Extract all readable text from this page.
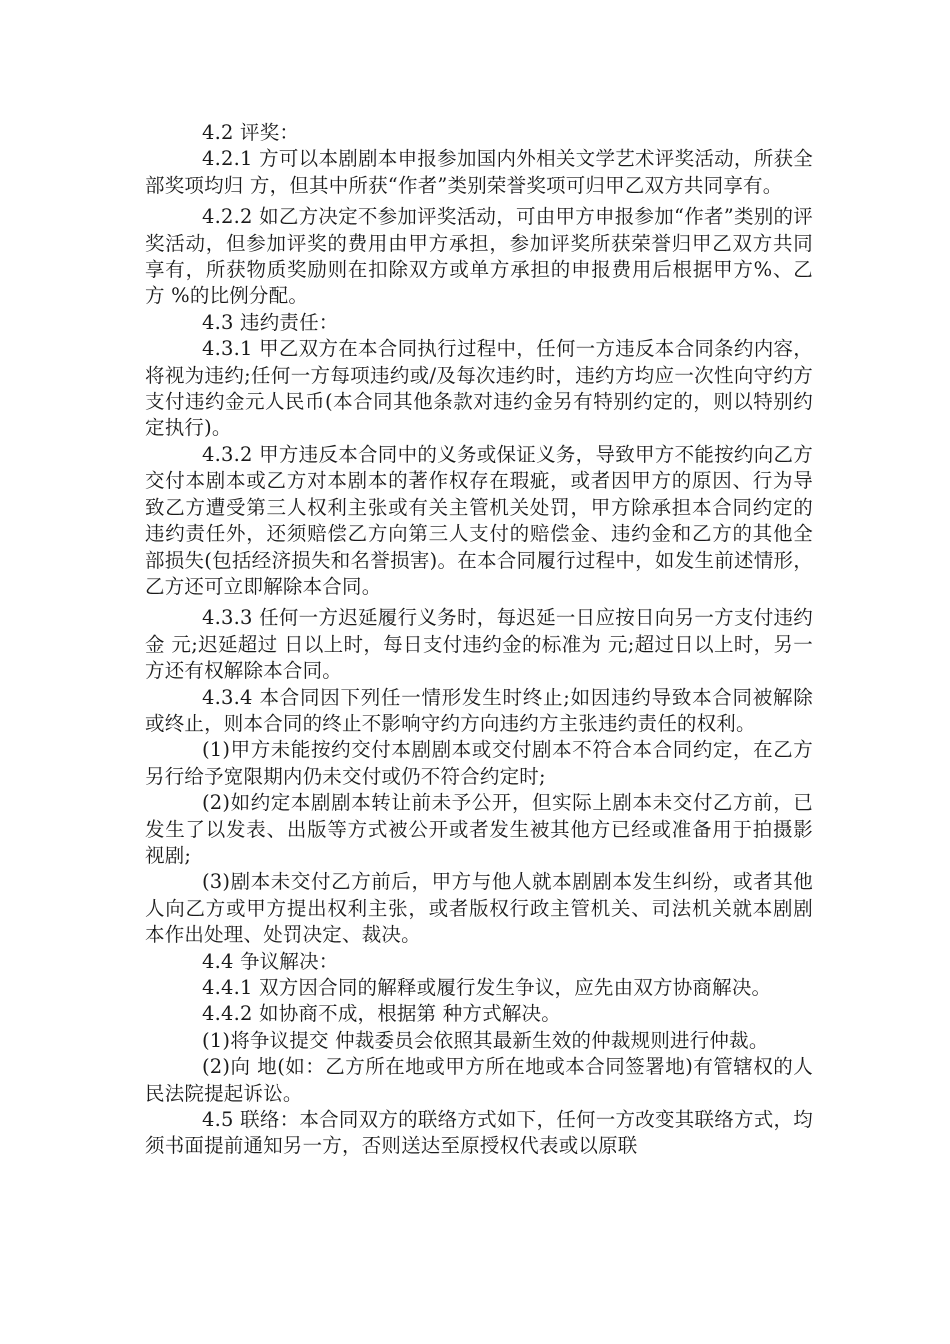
4.2 评奖：

4.2.1 方可以本剧剧本申报参加国内外相关文学艺术评奖活动，所获全部奖项均归 方，但其中所获“作者”类别荣誉奖项可归甲乙双方共同享有。

4.2.2 如乙方决定不参加评奖活动，可由甲方申报参加“作者”类别的评奖活动，但参加评奖的费用由甲方承担，参加评奖所获荣誉归甲乙双方共同享有，所获物质奖励则在扣除双方或单方承担的申报费用后根据甲方%、乙方 %的比例分配。

4.3 违约责任：

4.3.1 甲乙双方在本合同执行过程中，任何一方违反本合同条约内容，将视为违约;任何一方每项违约或/及每次违约时，违约方均应一次性向守约方支付违约金元人民币(本合同其他条款对违约金另有特别约定的，则以特别约定执行)。

4.3.2 甲方违反本合同中的义务或保证义务，导致甲方不能按约向乙方交付本剧本或乙方对本剧本的著作权存在瑕疵，或者因甲方的原因、行为导致乙方遭受第三人权利主张或有关主管机关处罚，甲方除承担本合同约定的违约责任外，还须赔偿乙方向第三人支付的赔偿金、违约金和乙方的其他全部损失(包括经济损失和名誉损害)。在本合同履行过程中，如发生前述情形，乙方还可立即解除本合同。

4.3.3 任何一方迟延履行义务时，每迟延一日应按日向另一方支付违约金 元;迟延超过 日以上时，每日支付违约金的标准为 元;超过日以上时，另一方还有权解除本合同。

4.3.4 本合同因下列任一情形发生时终止;如因违约导致本合同被解除或终止，则本合同的终止不影响守约方向违约方主张违约责任的权利。

(1)甲方未能按约交付本剧剧本或交付剧本不符合本合同约定，在乙方另行给予宽限期内仍未交付或仍不符合约定时;

(2)如约定本剧剧本转让前未予公开，但实际上剧本未交付乙方前，已发生了以发表、出版等方式被公开或者发生被其他方已经或准备用于拍摄影视剧;

(3)剧本未交付乙方前后，甲方与他人就本剧剧本发生纠纷，或者其他人向乙方或甲方提出权利主张，或者版权行政主管机关、司法机关就本剧剧本作出处理、处罚决定、裁决。

4.4 争议解决：

4.4.1 双方因合同的解释或履行发生争议，应先由双方协商解决。

4.4.2 如协商不成，根据第 种方式解决。

(1)将争议提交 仲裁委员会依照其最新生效的仲裁规则进行仲裁。

(2)向 地(如：乙方所在地或甲方所在地或本合同签署地)有管辖权的人民法院提起诉讼。

4.5 联络：本合同双方的联络方式如下，任何一方改变其联络方式，均须书面提前通知另一方，否则送达至原授权代表或以原联
